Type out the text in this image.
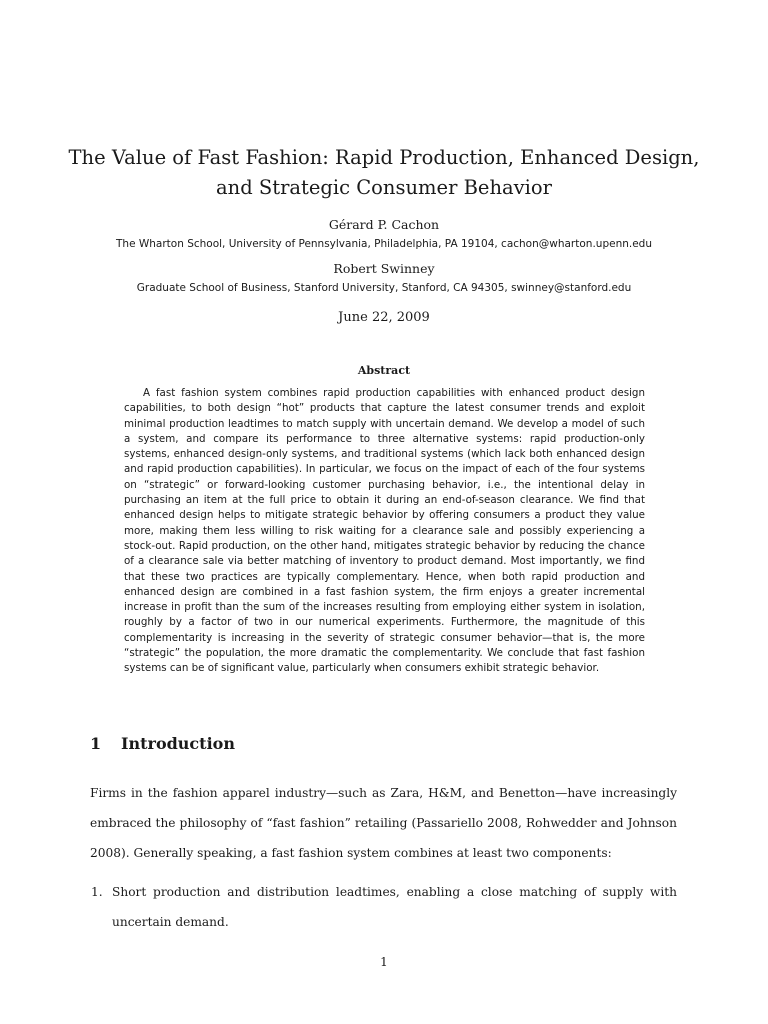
The Value of Fast Fashion: Rapid Production, Enhanced Design,
and Strategic Consumer Behavior
Gérard P. Cachon
The Wharton School, University of Pennsylvania, Philadelphia, PA 19104, cachon@wharton.upenn.edu
Robert Swinney
Graduate School of Business, Stanford University, Stanford, CA 94305, swinney@stanford.edu
June 22, 2009
Abstract

A fast fashion system combines rapid production capabilities with enhanced product design capabilities, to both design “hot” products that capture the latest consumer trends and exploit minimal production leadtimes to match supply with uncertain demand. We develop a model of such a system, and compare its performance to three alternative systems: rapid production-only systems, enhanced design-only systems, and traditional systems (which lack both enhanced design and rapid production capabilities). In particular, we focus on the impact of each of the four systems on “strategic” or forward-looking customer purchasing behavior, i.e., the intentional delay in purchasing an item at the full price to obtain it during an end-of-season clearance. We find that enhanced design helps to mitigate strategic behavior by offering consumers a product they value more, making them less willing to risk waiting for a clearance sale and possibly experiencing a stock-out. Rapid production, on the other hand, mitigates strategic behavior by reducing the chance of a clearance sale via better matching of inventory to product demand. Most importantly, we find that these two practices are typically complementary. Hence, when both rapid production and enhanced design are combined in a fast fashion system, the firm enjoys a greater incremental increase in profit than the sum of the increases resulting from employing either system in isolation, roughly by a factor of two in our numerical experiments. Furthermore, the magnitude of this complementarity is increasing in the severity of strategic consumer behavior—that is, the more “strategic” the population, the more dramatic the complementarity. We conclude that fast fashion systems can be of significant value, particularly when consumers exhibit strategic behavior.

1 Introduction

Firms in the fashion apparel industry—such as Zara, H&M, and Benetton—have increasingly embraced the philosophy of “fast fashion” retailing (Passariello 2008, Rohwedder and Johnson 2008). Generally speaking, a fast fashion system combines at least two components:

1. Short production and distribution leadtimes, enabling a close matching of supply with uncertain demand.
1
